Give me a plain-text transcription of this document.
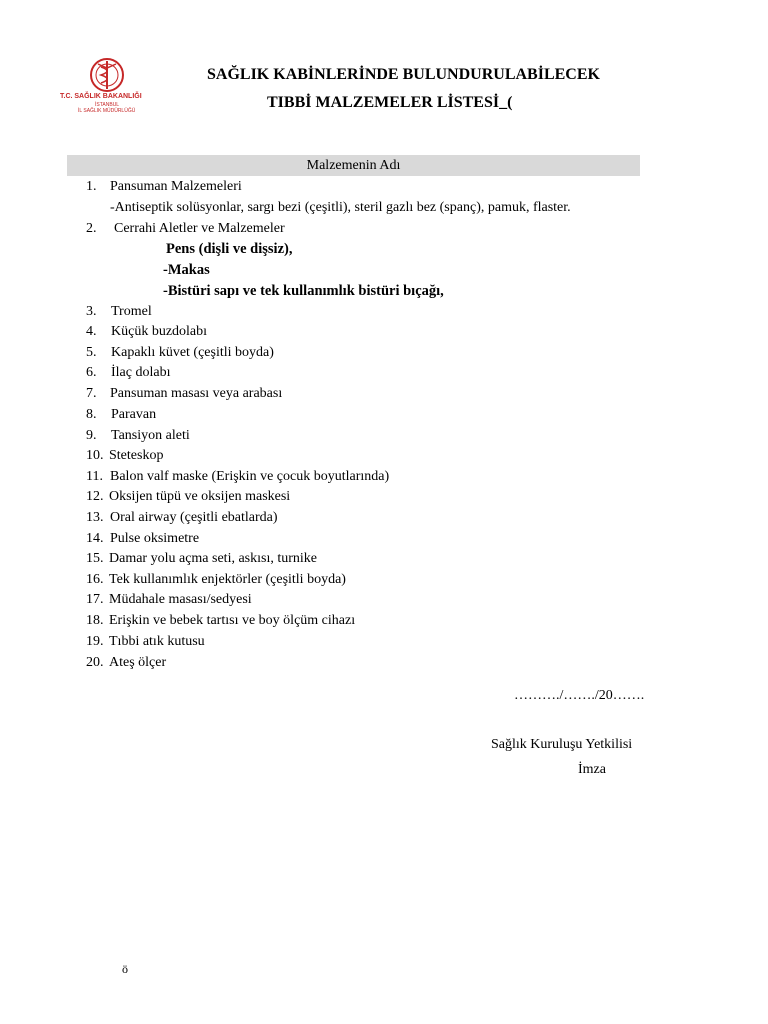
T.C. SAĞLIK BAKANLIĞI
İSTANBUL
İL SAĞLIK MÜDÜRLÜĞÜ
SAĞLIK KABİNLERİNDE BULUNDURULABİLECEK
TIBBİ MALZEMELER LİSTESİ_(
Malzemenin Adı
1. Pansuman Malzemeleri
-Antiseptik solüsyonlar, sargı bezi (çeşitli), steril gazlı bez (spanç), pamuk, flaster.
2. Cerrahi Aletler ve Malzemeler
Pens (dişli ve dişsiz),
-Makas
-Bistüri sapı ve tek kullanımlık bistüri bıçağı,
3. Tromel
4. Küçük buzdolabı
5. Kapaklı küvet (çeşitli boyda)
6. İlaç dolabı
7. Pansuman masası veya arabası
8. Paravan
9. Tansiyon aleti
10. Steteskop
11. Balon valf maske (Erişkin ve çocuk boyutlarında)
12. Oksijen tüpü ve oksijen maskesi
13. Oral airway (çeşitli ebatlarda)
14. Pulse oksimetre
15. Damar yolu açma seti, askısı, turnike
16. Tek kullanımlık enjektörler (çeşitli boyda)
17. Müdahale masası/sedyesi
18. Erişkin ve bebek tartısı ve boy ölçüm cihazı
19. Tıbbi atık kutusu
20. Ateş ölçer
………./……./20…….
Sağlık Kuruluşu Yetkilisi
İmza
ö
